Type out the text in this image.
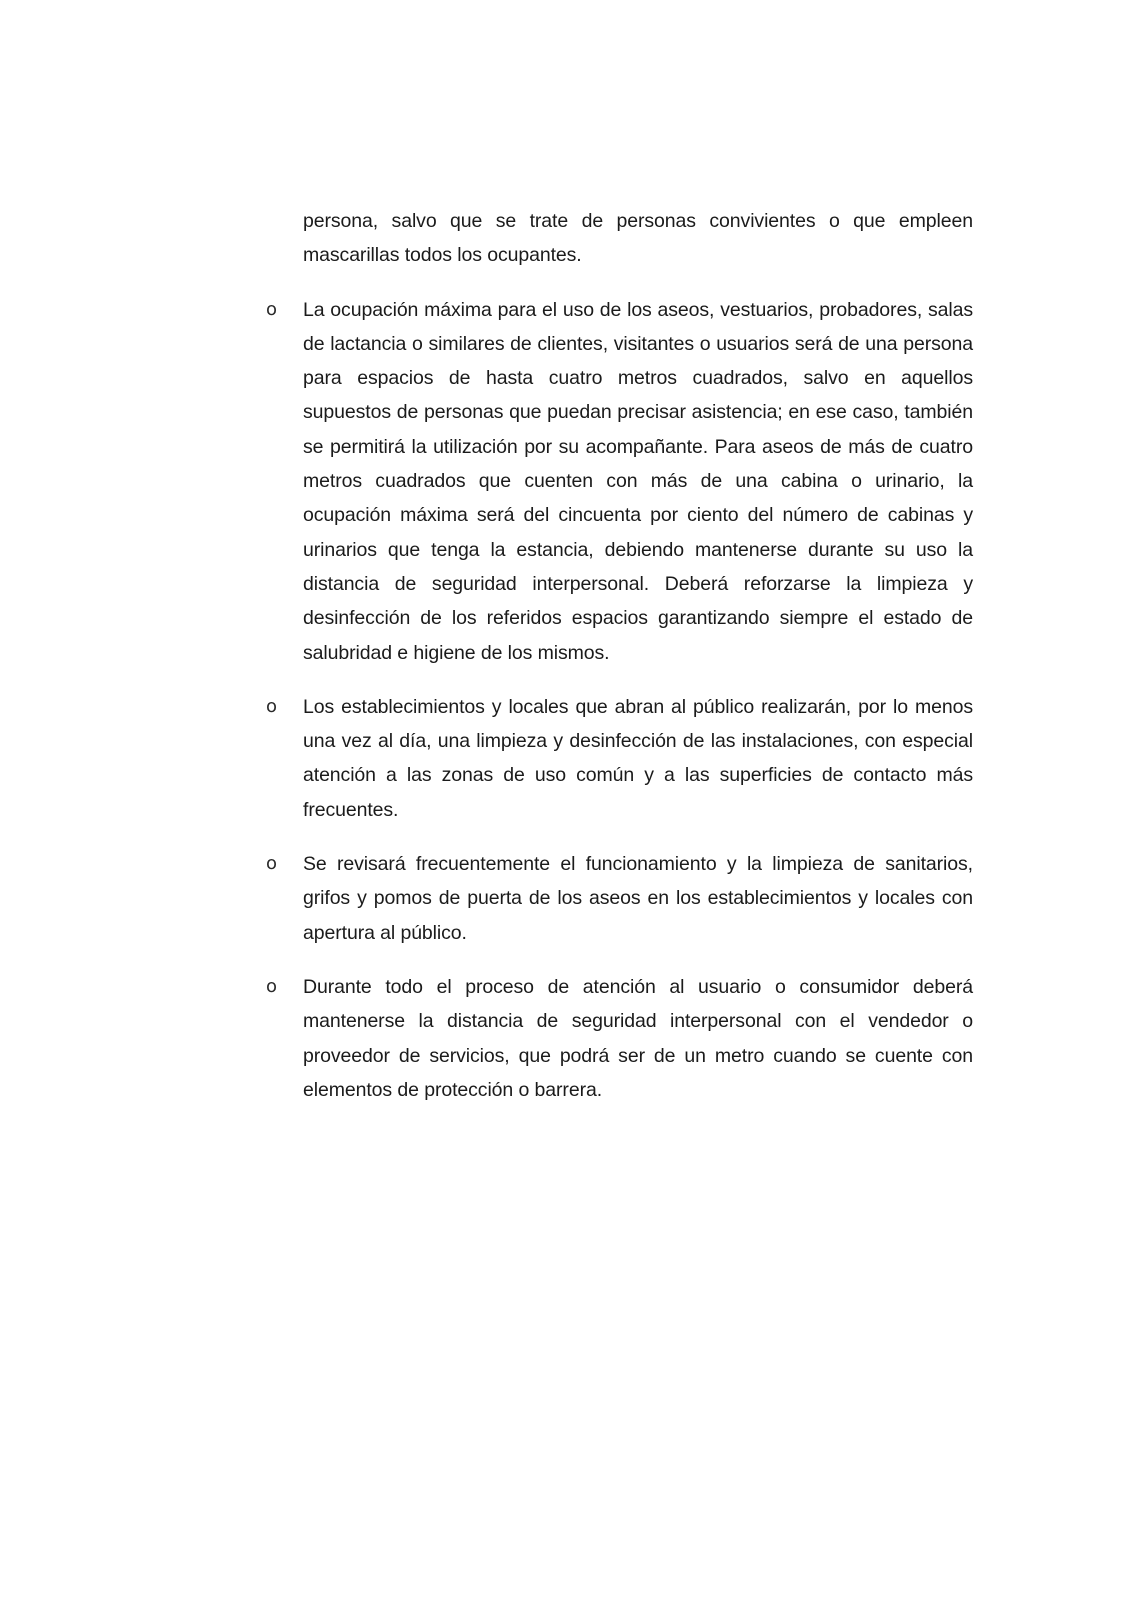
persona, salvo que se trate de personas convivientes o que empleen mascarillas todos los ocupantes.

o La ocupación máxima para el uso de los aseos, vestuarios, probadores, salas de lactancia o similares de clientes, visitantes o usuarios será de una persona para espacios de hasta cuatro metros cuadrados, salvo en aquellos supuestos de personas que puedan precisar asistencia; en ese caso, también se permitirá la utilización por su acompañante. Para aseos de más de cuatro metros cuadrados que cuenten con más de una cabina o urinario, la ocupación máxima será del cincuenta por ciento del número de cabinas y urinarios que tenga la estancia, debiendo mantenerse durante su uso la distancia de seguridad interpersonal. Deberá reforzarse la limpieza y desinfección de los referidos espacios garantizando siempre el estado de salubridad e higiene de los mismos.

o Los establecimientos y locales que abran al público realizarán, por lo menos una vez al día, una limpieza y desinfección de las instalaciones, con especial atención a las zonas de uso común y a las superficies de contacto más frecuentes.

o Se revisará frecuentemente el funcionamiento y la limpieza de sanitarios, grifos y pomos de puerta de los aseos en los establecimientos y locales con apertura al público.

o Durante todo el proceso de atención al usuario o consumidor deberá mantenerse la distancia de seguridad interpersonal con el vendedor o proveedor de servicios, que podrá ser de un metro cuando se cuente con elementos de protección o barrera.
